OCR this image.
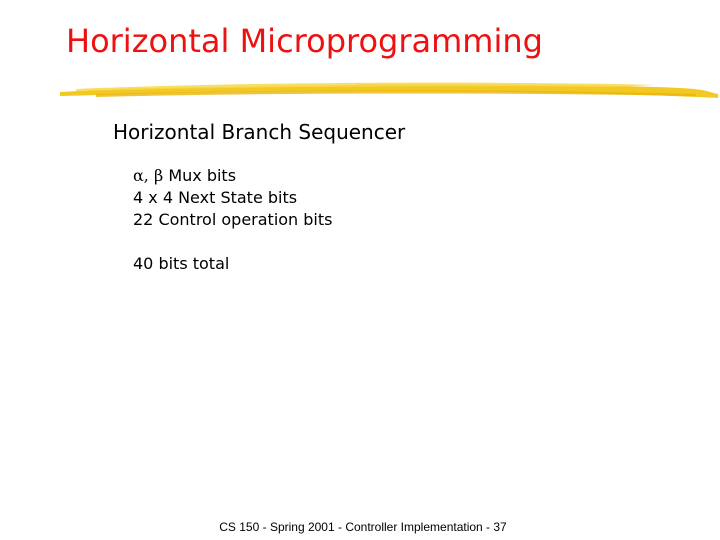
Horizontal Microprogramming
Horizontal Branch Sequencer
α, β Mux bits
4 x 4 Next State bits
22 Control operation bits
40 bits total
CS 150 - Spring 2001 - Controller Implementation - 37
